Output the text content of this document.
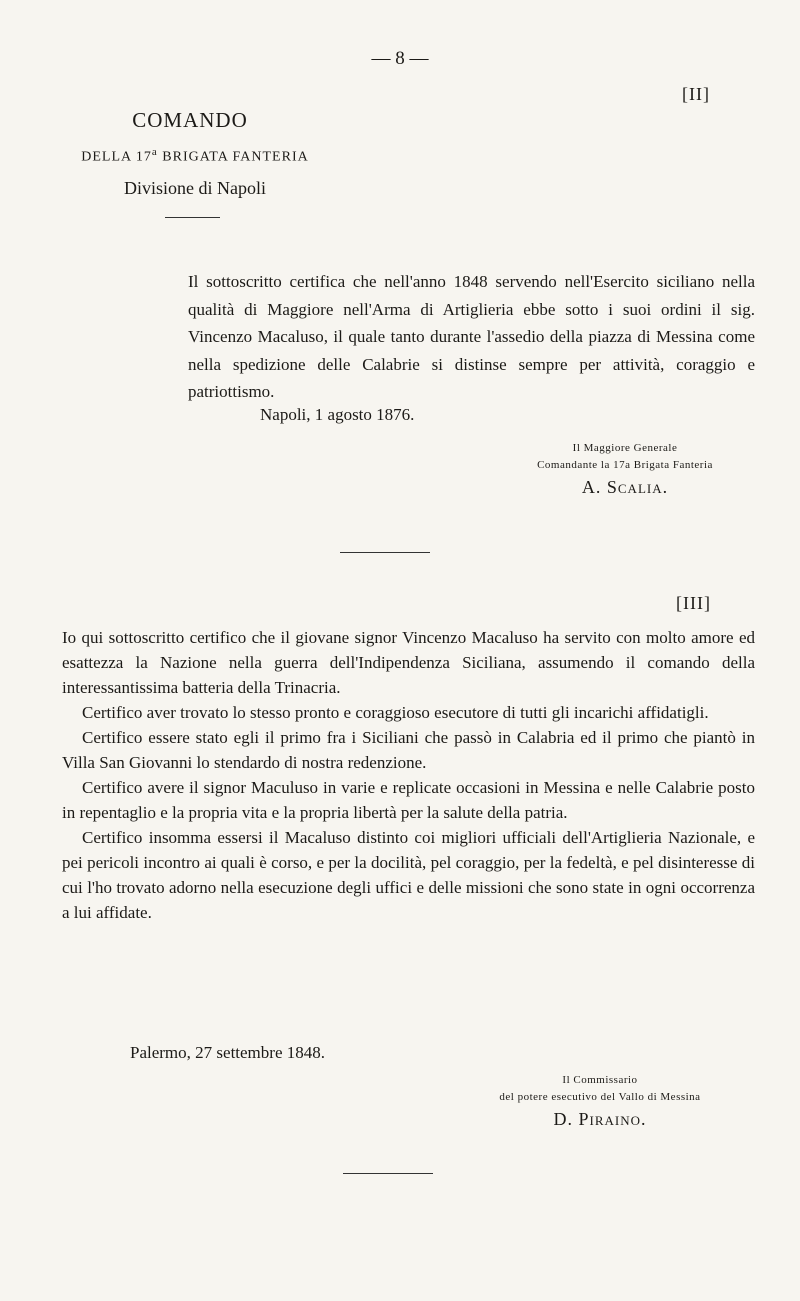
— 8 —
[II]
COMANDO
DELLA 17$^a$ BRIGATA FANTERIA
Divisione di Napoli

Il sottoscritto certifica che nell'anno 1848 servendo nell'Esercito siciliano nella qualità di Maggiore nell'Arma di Artiglieria ebbe sotto i suoi ordini il sig. Vincenzo Macaluso, il quale tanto durante l'assedio della piazza di Messina come nella spedizione delle Calabrie si distinse sempre per attività, coraggio e patriottismo.

Napoli, 1 agosto 1876.
Il Maggiore Generale
Comandante la 17a Brigata Fanteria
A. Scalia.
[III]

Io qui sottoscritto certifico che il giovane signor Vincenzo Macaluso ha servito con molto amore ed esattezza la Nazione nella guerra dell'Indipendenza Siciliana, assumendo il comando della interessantissima batteria della Trinacria.

Certifico aver trovato lo stesso pronto e coraggioso esecutore di tutti gli incarichi affidatigli.

Certifico essere stato egli il primo fra i Siciliani che passò in Calabria ed il primo che piantò in Villa San Giovanni lo stendardo di nostra redenzione.

Certifico avere il signor Maculuso in varie e replicate occasioni in Messina e nelle Calabrie posto in repentaglio e la propria vita e la propria libertà per la salute della patria.

Certifico insomma essersi il Macaluso distinto coi migliori ufficiali dell'Artiglieria Nazionale, e pei pericoli incontro ai quali è corso, e per la docilità, pel coraggio, per la fedeltà, e pel disinteresse di cui l'ho trovato adorno nella esecuzione degli uffici e delle missioni che sono state in ogni occorrenza a lui affidate.

Palermo, 27 settembre 1848.
Il Commissario
del potere esecutivo del Vallo di Messina
D. Piraino.
